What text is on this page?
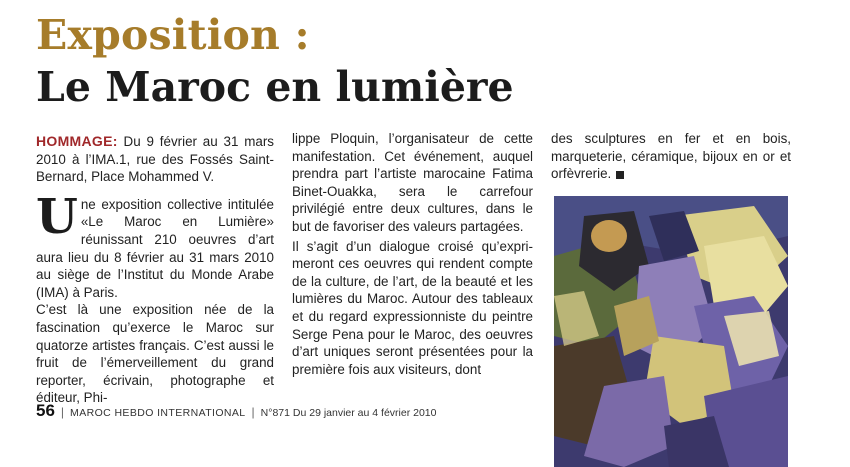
Exposition :
Le Maroc en lumière

HOMMAGE: Du 9 février au 31 mars 2010 à l’IMA.1, rue des Fossés Saint-Bernard, Place Mohammed V.

Une exposition collective intitulée «Le Maroc en Lumière» réunissant 210 oeuvres d’art aura lieu du 8 février au 31 mars 2010 au siège de l’Institut du Monde Arabe (IMA) à Paris.

C’est là une exposition née de la fascination qu’exerce le Maroc sur quatorze artistes français. C’est aussi le fruit de l’émerveillement du grand reporter, écrivain, photographe et éditeur, Phi-

lippe Ploquin, l’organisateur de cette manifestation. Cet événement, auquel prendra part l’artiste marocaine Fatima Binet-Ouakka, sera le carrefour privilégié entre deux cultures, dans le but de favoriser des valeurs partagées.

Il s’agit d’un dialogue croisé qu’expri-meront ces oeuvres qui rendent compte de la culture, de l’art, de la beauté et les lumières du Maroc. Autour des tableaux et du regard expressionniste du peintre Serge Pena pour le Maroc, des oeuvres d’art uniques seront présentées pour la première fois aux visiteurs, dont

des sculptures en fer et en bois, marqueterie, céramique, bijoux en or et orfèvrerie.

56 | MAROC HEBDO INTERNATIONAL | N°871 Du 29 janvier au 4 février 2010
